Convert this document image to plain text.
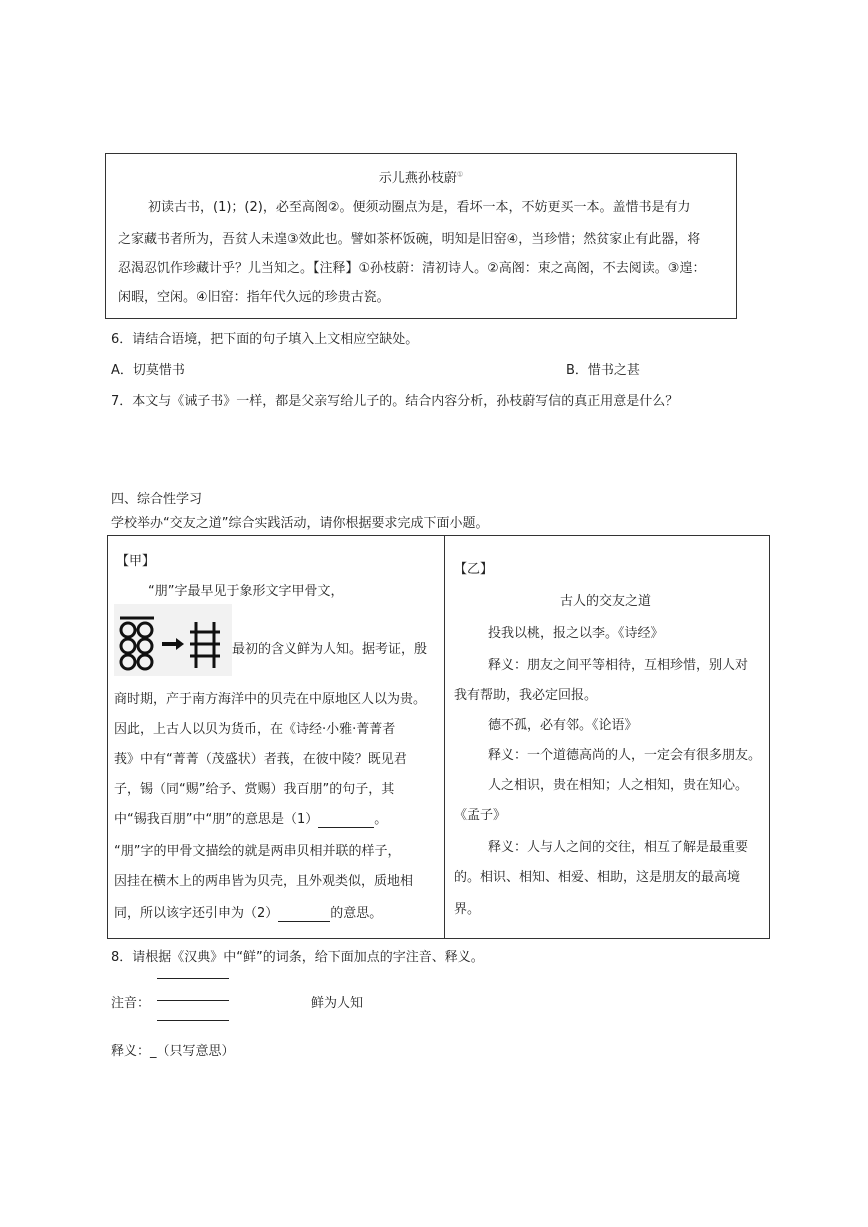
示儿燕孙枝蔚①
初读古书，(1)；(2)，必至高阁②。便须动圈点为是，看坏一本，不妨更买一本。盖惜书是有力
之家藏书者所为，吾贫人未遑③效此也。譬如茶杯饭碗，明知是旧窑④，当珍惜；然贫家止有此器，将
忍渴忍饥作珍藏计乎？儿当知之。【注释】①孙枝蔚：清初诗人。②高阁：束之高阁，不去阅读。③遑：
闲暇，空闲。④旧窑：指年代久远的珍贵古瓷。
6．请结合语境，把下面的句子填入上文相应空缺处。
A．切莫惜书	B．惜书之甚
7．本文与《诫子书》一样，都是父亲写给儿子的。结合内容分析，孙枝蔚写信的真正用意是什么？
四、综合性学习
学校举办“交友之道”综合实践活动，请你根据要求完成下面小题。
【甲】
“朋”字最早见于象形文字甲骨文，
最初的含义鲜为人知。据考证，殷
商时期，产于南方海洋中的贝壳在中原地区人以为贵。
因此，上古人以贝为货币，在《诗经·小雅·菁菁者
莪》中有“菁菁（茂盛状）者莪，在彼中陵？既见君
子，锡（同“赐”给予、赏赐）我百朋”的句子，其
中“锡我百朋”中“朋”的意思是（1）	。
“朋”字的甲骨文描绘的就是两串贝相并联的样子，
因挂在横木上的两串皆为贝壳，且外观类似，质地相
同，所以该字还引申为（2）	的意思。
【乙】
古人的交友之道
投我以桃，报之以李。《诗经》
释义：朋友之间平等相待，互相珍惜，别人对
我有帮助，我必定回报。
德不孤，必有邻。《论语》
释义：一个道德高尚的人，一定会有很多朋友。
人之相识，贵在相知；人之相知，贵在知心。
《孟子》
释义：人与人之间的交往，相互了解是最重要
的。相识、相知、相爱、相助，这是朋友的最高境
界。
8．请根据《汉典》中“鲜”的词条，给下面加点的字注音、释义。
注音：	鲜为人知
释义：_（只写意思）
